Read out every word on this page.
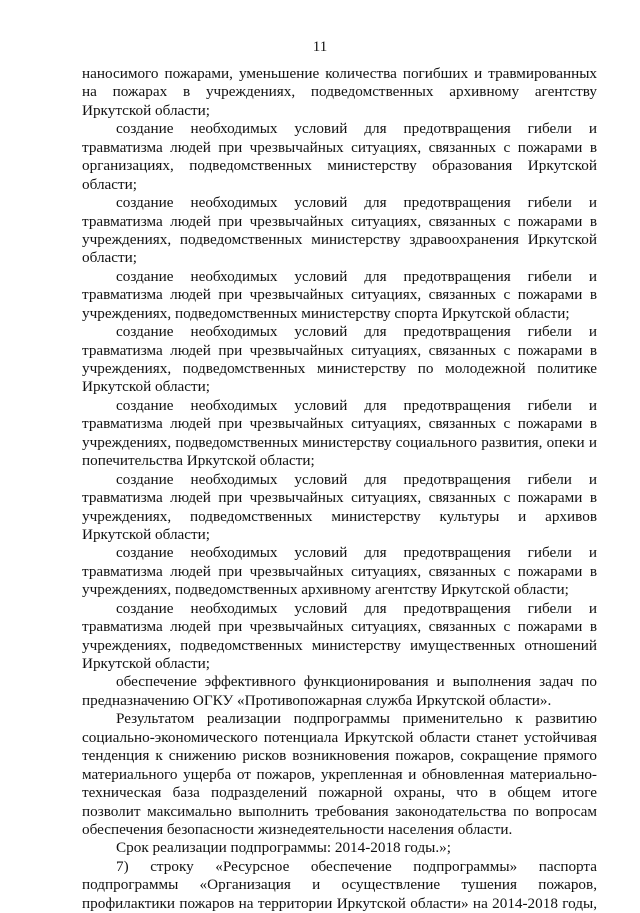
11
наносимого пожарами, уменьшение количества погибших и травмированных
на пожарах в учреждениях, подведомственных архивному агентству
Иркутской области;
создание необходимых условий для предотвращения гибели и
травматизма людей при чрезвычайных ситуациях, связанных с пожарами в
организациях, подведомственных министерству образования Иркутской
области;
создание необходимых условий для предотвращения гибели и
травматизма людей при чрезвычайных ситуациях, связанных с пожарами в
учреждениях, подведомственных министерству здравоохранения Иркутской
области;
создание необходимых условий для предотвращения гибели и
травматизма людей при чрезвычайных ситуациях, связанных с пожарами в
учреждениях, подведомственных министерству спорта Иркутской области;
создание необходимых условий для предотвращения гибели и
травматизма людей при чрезвычайных ситуациях, связанных с пожарами в
учреждениях, подведомственных министерству по молодежной политике
Иркутской области;
создание необходимых условий для предотвращения гибели и
травматизма людей при чрезвычайных ситуациях, связанных с пожарами в
учреждениях, подведомственных министерству социального развития, опеки и
попечительства Иркутской области;
создание необходимых условий для предотвращения гибели и
травматизма людей при чрезвычайных ситуациях, связанных с пожарами в
учреждениях, подведомственных министерству культуры и архивов
Иркутской области;
создание необходимых условий для предотвращения гибели и
травматизма людей при чрезвычайных ситуациях, связанных с пожарами в
учреждениях, подведомственных архивному агентству Иркутской области;
создание необходимых условий для предотвращения гибели и
травматизма людей при чрезвычайных ситуациях, связанных с пожарами в
учреждениях, подведомственных министерству имущественных отношений
Иркутской области;
обеспечение эффективного функционирования и выполнения задач по
предназначению ОГКУ «Противопожарная служба Иркутской области».
Результатом реализации подпрограммы применительно к развитию
социально-экономического потенциала Иркутской области станет устойчивая
тенденция к снижению рисков возникновения пожаров, сокращение прямого
материального ущерба от пожаров, укрепленная и обновленная материально-
техническая база подразделений пожарной охраны, что в общем итоге
позволит максимально выполнить требования законодательства по вопросам
обеспечения безопасности жизнедеятельности населения области.
Срок реализации подпрограммы: 2014-2018 годы.»;
7) строку «Ресурсное обеспечение подпрограммы» паспорта
подпрограммы «Организация и осуществление тушения пожаров,
профилактики пожаров на территории Иркутской области» на 2014-2018 годы,
